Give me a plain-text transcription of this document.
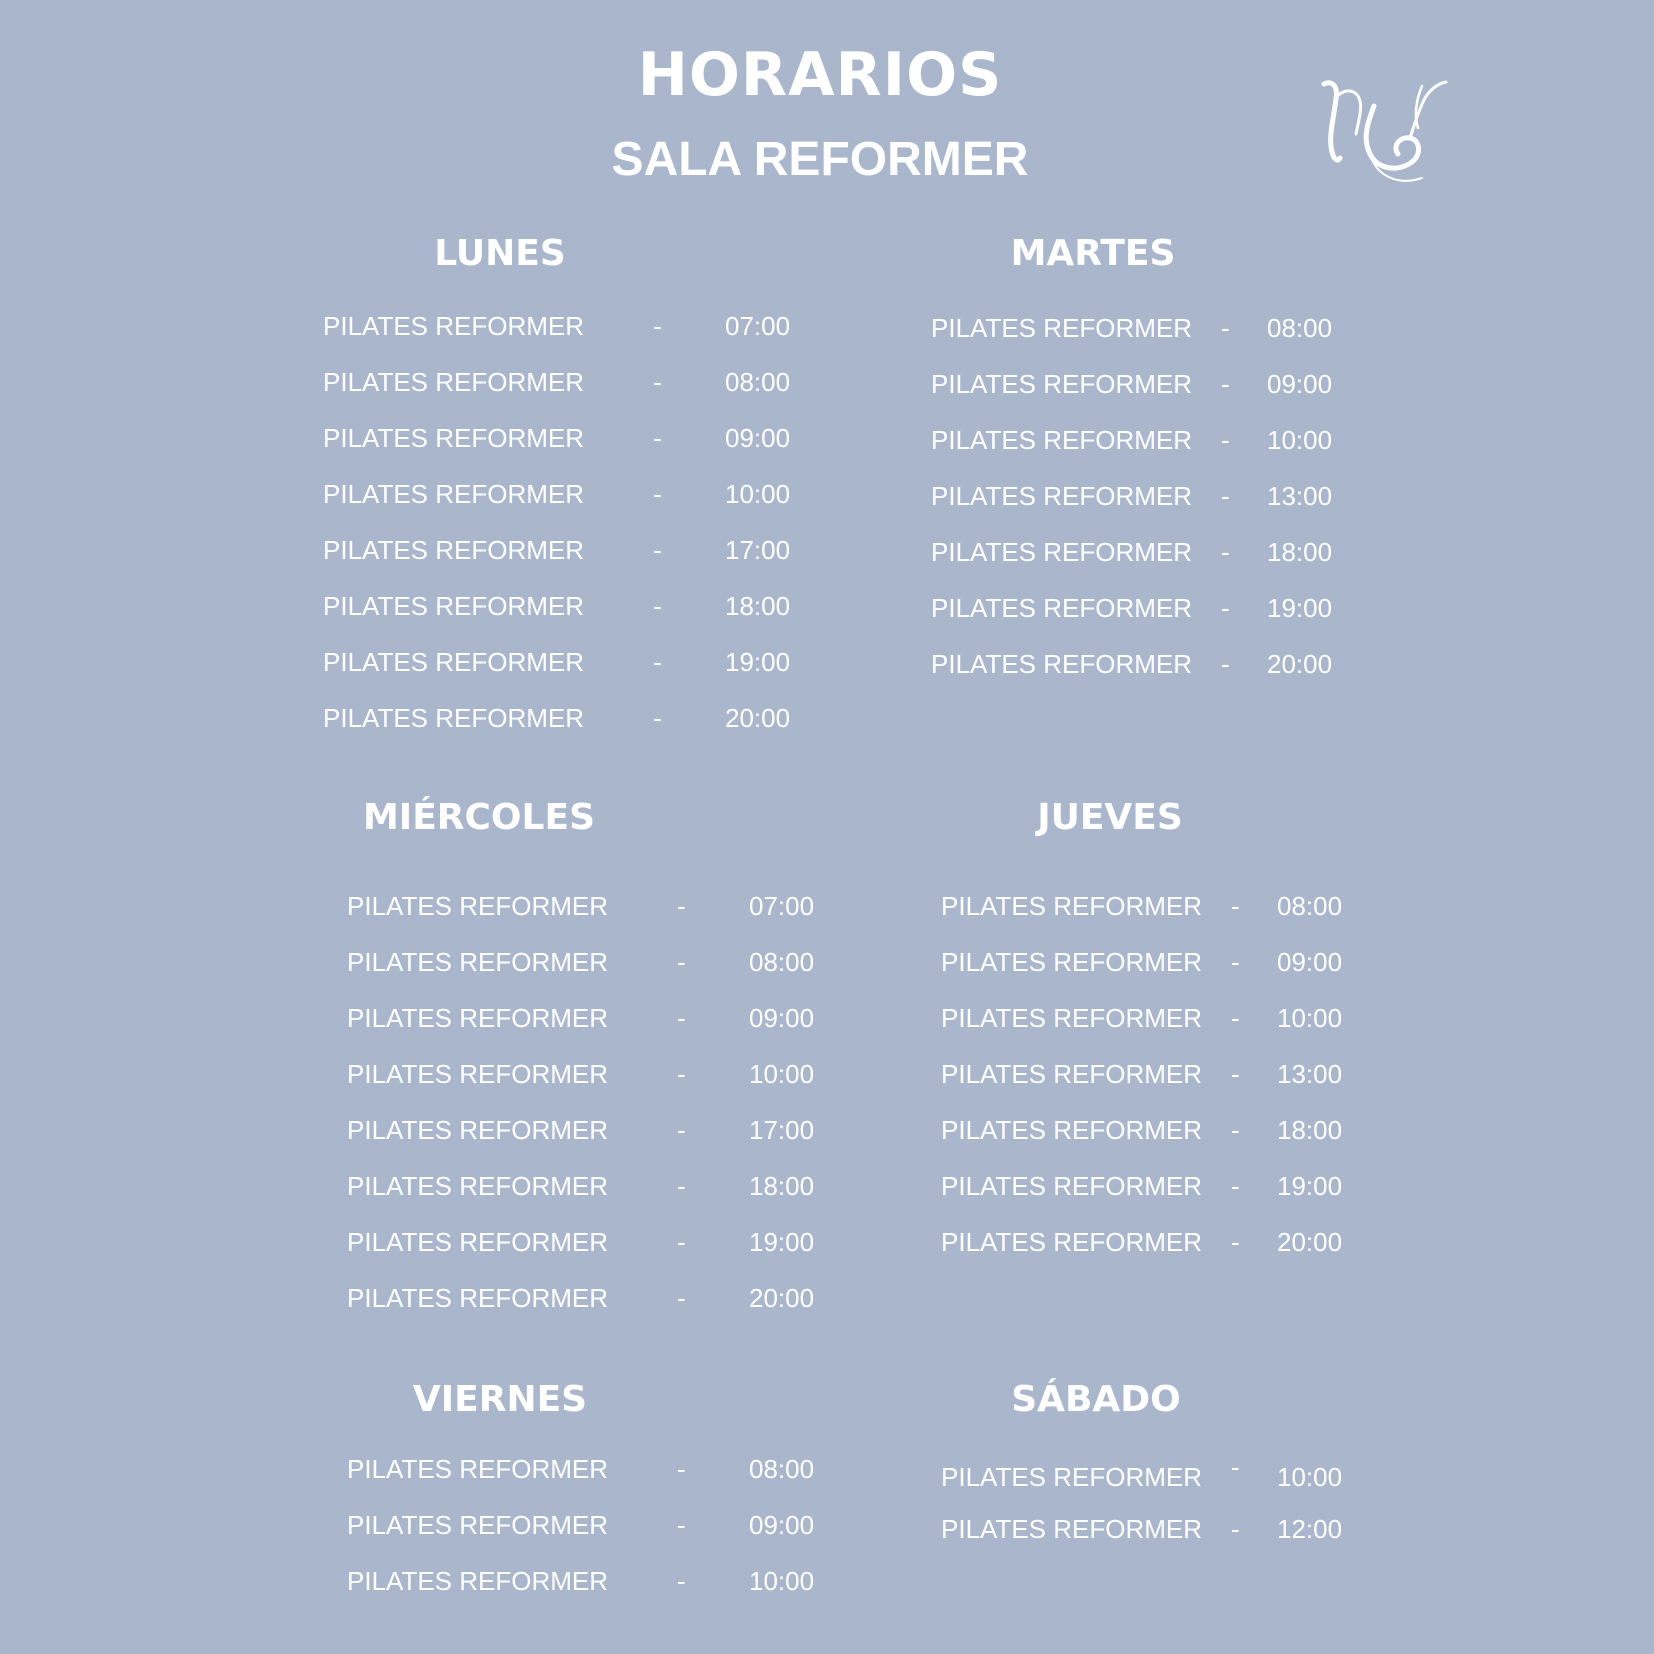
HORARIOS
SALA REFORMER
LUNES
PILATES REFORMER	- 07:00
PILATES REFORMER	- 08:00
PILATES REFORMER	- 09:00
PILATES REFORMER	- 10:00
PILATES REFORMER	- 17:00
PILATES REFORMER	- 18:00
PILATES REFORMER	- 19:00
PILATES REFORMER	- 20:00
MARTES
PILATES REFORMER - 08:00
PILATES REFORMER - 09:00
PILATES REFORMER - 10:00
PILATES REFORMER - 13:00
PILATES REFORMER - 18:00
PILATES REFORMER - 19:00
PILATES REFORMER - 20:00
MIÉRCOLES
PILATES REFORMER	- 07:00
PILATES REFORMER	- 08:00
PILATES REFORMER	- 09:00
PILATES REFORMER	- 10:00
PILATES REFORMER	- 17:00
PILATES REFORMER	- 18:00
PILATES REFORMER	- 19:00
PILATES REFORMER	- 20:00
JUEVES
PILATES REFORMER - 08:00
PILATES REFORMER - 09:00
PILATES REFORMER - 10:00
PILATES REFORMER - 13:00
PILATES REFORMER - 18:00
PILATES REFORMER - 19:00
PILATES REFORMER - 20:00
VIERNES
PILATES REFORMER	- 08:00
PILATES REFORMER	- 09:00
PILATES REFORMER	- 10:00
SÁBADO
PILATES REFORMER - 10:00
PILATES REFORMER - 12:00
